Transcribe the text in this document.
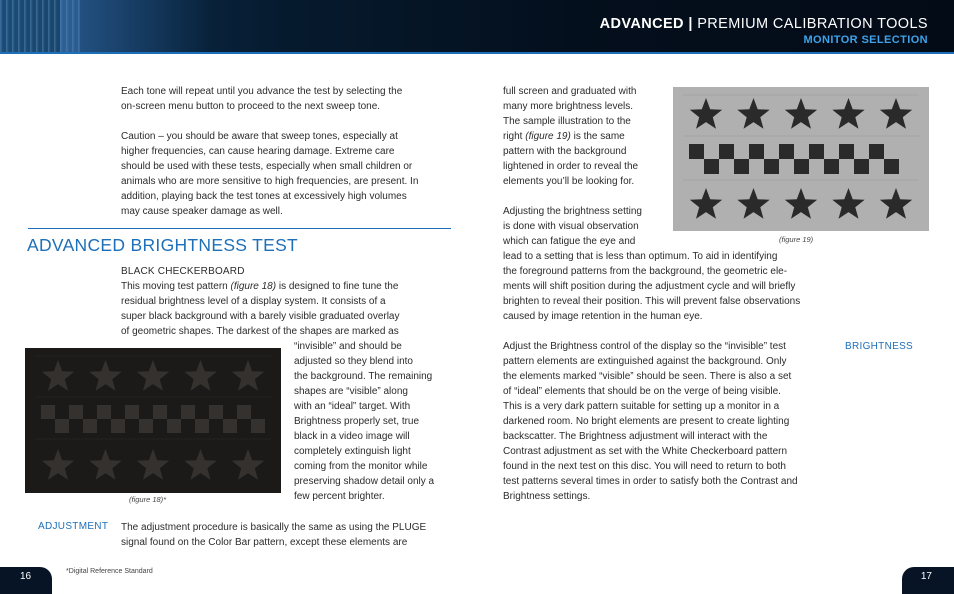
ADVANCED | PREMIUM CALIBRATION TOOLS
MONITOR SELECTION
Each tone will repeat until you advance the test by selecting the
on-screen menu button to proceed to the next sweep tone.
Caution – you should be aware that sweep tones, especially at
higher frequencies, can cause hearing damage. Extreme care
should be used with these tests, especially when small children or
animals who are more sensitive to high frequencies, are present. In
addition, playing back the test tones at excessively high volumes
may cause speaker damage as well.
ADVANCED BRIGHTNESS TEST
BLACK CHECKERBOARD
This moving test pattern (figure 18) is designed to fine tune the
residual brightness level of a display system. It consists of a
super black background with a barely visible graduated overlay
of geometric shapes. The darkest of the shapes are marked as
“invisible” and should be
adjusted so they blend into
the background. The remaining
shapes are “visible” along
with an “ideal” target. With
Brightness properly set, true
black in a video image will
completely extinguish light
coming from the monitor while
preserving shadow detail only a
few percent brighter.
(figure 18)*
ADJUSTMENT The adjustment procedure is basically the same as using the PLUGE
signal found on the Color Bar pattern, except these elements are
16	*Digital Reference Standard
full screen and graduated with
many more brightness levels.
The sample illustration to the
right (figure 19) is the same
pattern with the background
lightened in order to reveal the
elements you’ll be looking for.
Adjusting the brightness setting
is done with visual observation
which can fatigue the eye and
lead to a setting that is less than optimum. To aid in identifying
the foreground patterns from the background, the geometric ele-
ments will shift position during the adjustment cycle and will briefly
brighten to reveal their position. This will prevent false observations
caused by image retention in the human eye.
(figure 19)
BRIGHTNESS
Adjust the Brightness control of the display so the “invisible” test
pattern elements are extinguished against the background. Only
the elements marked “visible” should be seen. There is also a set
of “ideal” elements that should be on the verge of being visible.
This is a very dark pattern suitable for setting up a monitor in a
darkened room. No bright elements are present to create lighting
backscatter. The Brightness adjustment will interact with the
Contrast adjustment as set with the White Checkerboard pattern
found in the next test on this disc. You will need to return to both
test patterns several times in order to satisfy both the Contrast and
Brightness settings.
17
